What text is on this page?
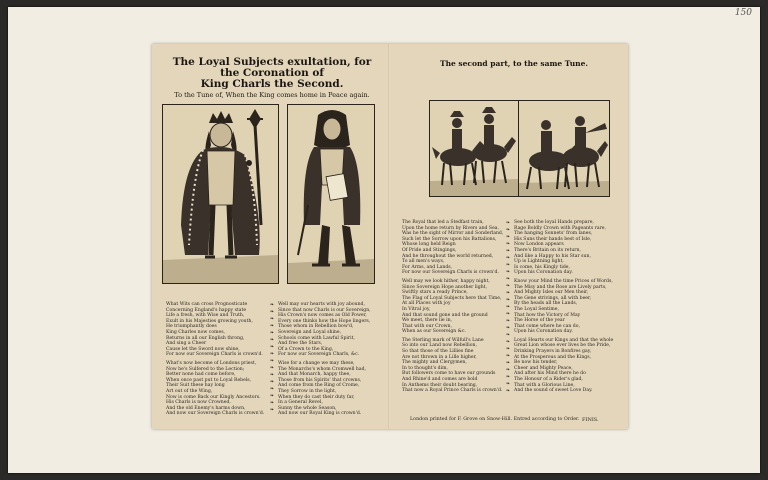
150
The Loyal Subjects exultation, for the Coronation of
King Charls the Second.
To the Tune of, When the King comes home in Peace again.

What Wits can cross Prognosticate
Concerning England's happy state
Life a fresh, with Wise and Truth,
Exult in his Majesties growing youth,
He triumphantly does
King Charles now comes,
Returns in all our English throng,
And sing a Cheer
Cause let the Sword now shine,
For now our Sovereign Charls is crown'd.

What's now become of Londons priest,
Now he's Sulfered to the Lection;
Better none had come before,
When once past put to Loyal Rebels,
Their Suit these hay long
Art out of the Wing,
Now is come Back our Kingly Ancestors.
His Charls is now Crowned,
And the old Enemy's harms down,
And now our Sovereign Charls is crown'd.

❧
❧
❧
❧
❧
❧
❧
❧
❧
❧
❧
❧
❧
❧
❧
❧

Well may our hearts with joy abound,
Since that now Charls is our Sovereign,
His Crown's now comes as Old Power,
Every one thinks how the Hope lingers,
Those whom in Rebellion bow'd,
Sovereign and Loyal shine,
Schools come with Lawful Spirit,
And free the Stars,
Of a Crown to the King,
For now our Sovereign Charls, &c.

Wise for a change we may these,
The Monarchs's whom Cromwell had,
And that Monarch, happy thee,
Those from his Spirits' that crowns,
And come from the Ring of Crome,
They Sorrow in the light,
When they do cast their duty far,
In a General Revel,
Sunny the whole Season,
And now our Royal King is crown'd.

The second part, to the same Tune.

The Royal that led a Stedfast train,
Upon the home return by Rivers and Sea,
Was he the sight of Mirror and Sonderland,
Such let the Sorrow upon his Battalions,
Whose long held Reign
Of Pride and Stingings,
And he throughout the world returned,
To all men's ways,
For Arms, and Lands,
For now our Sovereign Charls is crown'd.

Well may we look hither, happy night,
Since Sovereign Hope another light,
Swiftly stars a ready Prince,
The Flag of Loyal Subjects here that Time,
At all Places with joy
In Vitral joy,
And that sound gone and the ground
We meet, there lie in,
That with our Crown,
When as our Sovereign &c.

The Sterling mark of Wilfull's Lane
So into our Land now Rebellion,
So that those of the Lillies fine
Are not thrown in a Lille higher,
The mighty and Clergymen,
In to thought's dim,
But followers come to have our grounds
And Rhine'd and comes are bold
In Anthems their doubt bearing,
That now a Royal Prince Charls is crown'd.

❧
❧
❧
❧
❧
❧
❧
❧
❧
❧
❧
❧
❧
❧
❧
❧
❧
❧
❧
❧
❧
❧
❧
❧
❧

See both the loyal Hands prepare,
Rage Boldly Crown with Pageants rare,
The hanging Sonnets' from lanes,
His Suns their hands best of Isle,
Now London appears
There's Britain on its return,
And like a Happy to his Star sun,
Up is Lightning light,
Is come, his Kingly tide,
Upon his Coronation day.

Know your Mind the time Prices of Words,
The Misy and the Rose are Lively parts,
And Mighty Isles our Men their,
The Gene strivings, all with beer,
By the heads all the Lands,
The Loyal Sentime,
That how the Victory of May
The Horse of the year
That come where he can do,
Upon his Coronation day.

Loyal Hearts our Kings and that the whole
Great Lion whose ever lives be the Pride,
Drinking Prayers in Bonfires gay,
At the Prosperous and the Kings,
Be now his tender,
Cheer and Mighty Peace,
And after his Mind there he do
The Honour of a Rider's glad,
That with a Glorious Line,
And the sound of sweet Love Day.

London printed for F. Grove on Snow-Hill. Entred according to Order. FINIS.
